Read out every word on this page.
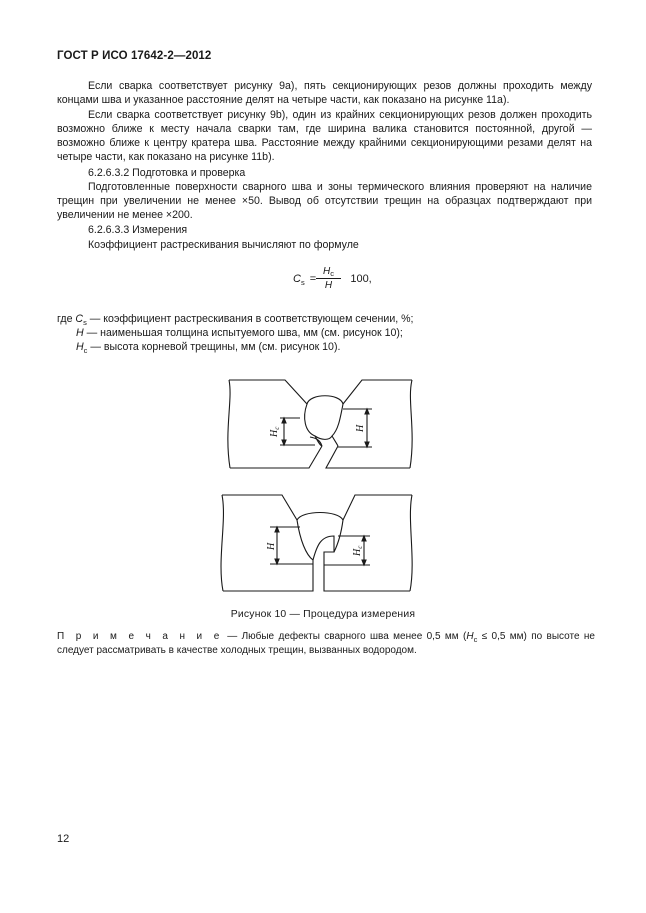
ГОСТ Р ИСО 17642-2—2012

Если сварка соответствует рисунку 9a), пять секционирующих резов должны проходить между концами шва и указанное расстояние делят на четыре части, как показано на рисунке 11а).

Если сварка соответствует рисунку 9b), один из крайних секционирующих резов должен проходить возможно ближе к месту начала сварки там, где ширина валика становится постоянной, другой — возможно ближе к центру кратера шва. Расстояние между крайними секционирующими резами делят на четыре части, как показано на рисунке 11b).

6.2.6.3.2 Подготовка и проверка

Подготовленные поверхности сварного шва и зоны термического влияния проверяют на наличие трещин при увеличении не менее ×50. Вывод об отсутствии трещин на образцах подтверждают при увеличении не менее ×200.

6.2.6.3.3 Измерения

Коэффициент растрескивания вычисляют по формуле

$C_s$ =
$H_c$
H
100,
где $C_s$ — коэффициент растрескивания в соответствующем сечении, %;
H — наименьшая толщина испытуемого шва, мм (см. рисунок 10);
$H_c$ — высота корневой трещины, мм (см. рисунок 10).
$H_c$	H
H
$H_c$
Рисунок 10 — Процедура измерения
П р и м е ч а н и е — Любые дефекты сварного шва менее 0,5 мм ($H_c \le 0,5$ мм) по высоте не следует рассматривать в качестве холодных трещин, вызванных водородом.
12
